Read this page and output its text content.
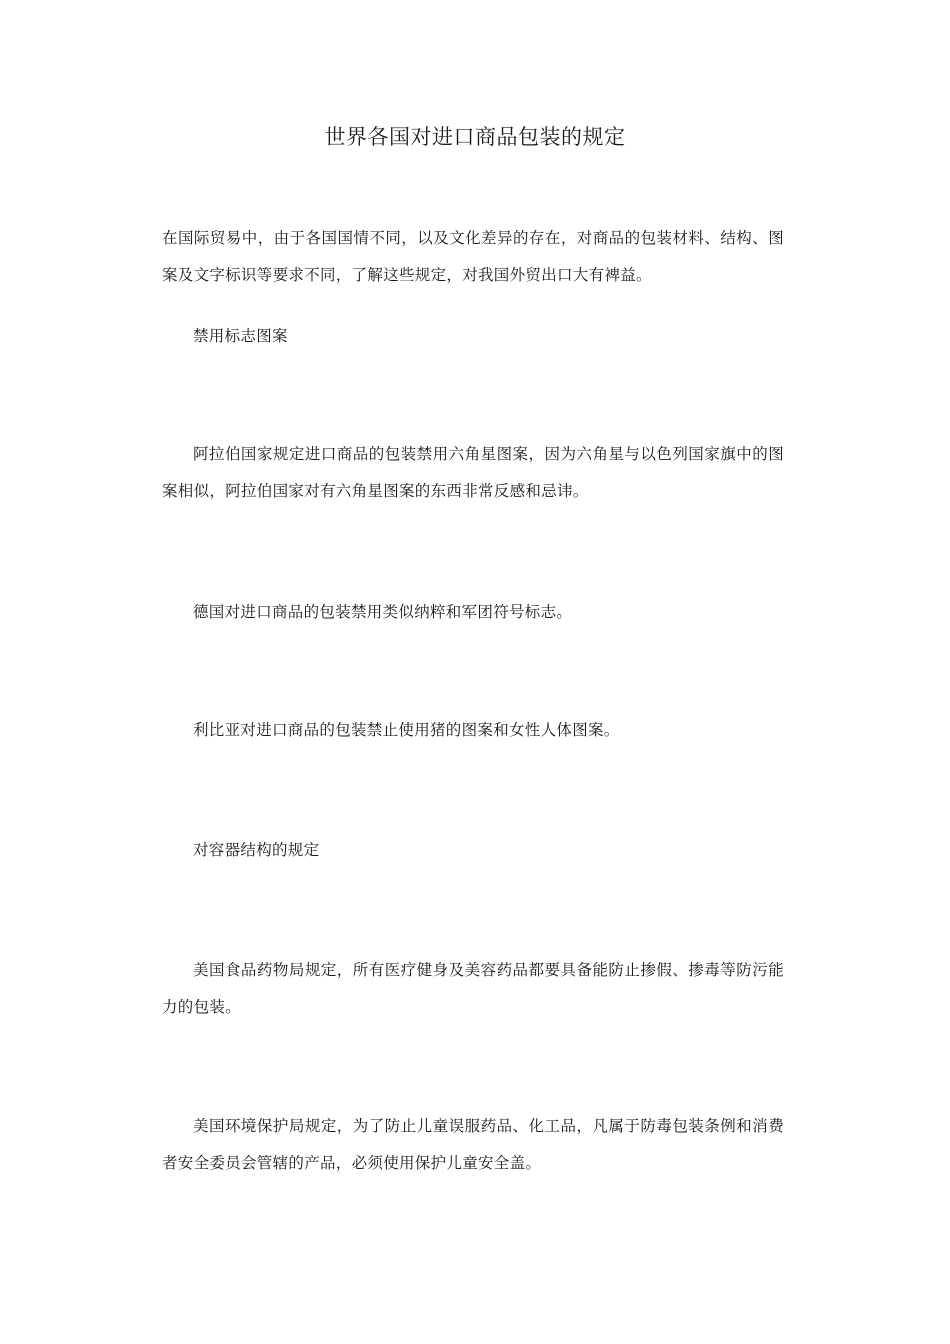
世界各国对进口商品包装的规定

在国际贸易中，由于各国国情不同，以及文化差异的存在，对商品的包装材料、结构、图案及文字标识等要求不同，了解这些规定，对我国外贸出口大有裨益。

禁用标志图案

阿拉伯国家规定进口商品的包装禁用六角星图案，因为六角星与以色列国家旗中的图案相似，阿拉伯国家对有六角星图案的东西非常反感和忌讳。

德国对进口商品的包装禁用类似纳粹和军团符号标志。

利比亚对进口商品的包装禁止使用猪的图案和女性人体图案。

对容器结构的规定

美国食品药物局规定，所有医疗健身及美容药品都要具备能防止掺假、掺毒等防污能力的包装。

美国环境保护局规定，为了防止儿童误服药品、化工品，凡属于防毒包装条例和消费者安全委员会管辖的产品，必须使用保护儿童安全盖。
